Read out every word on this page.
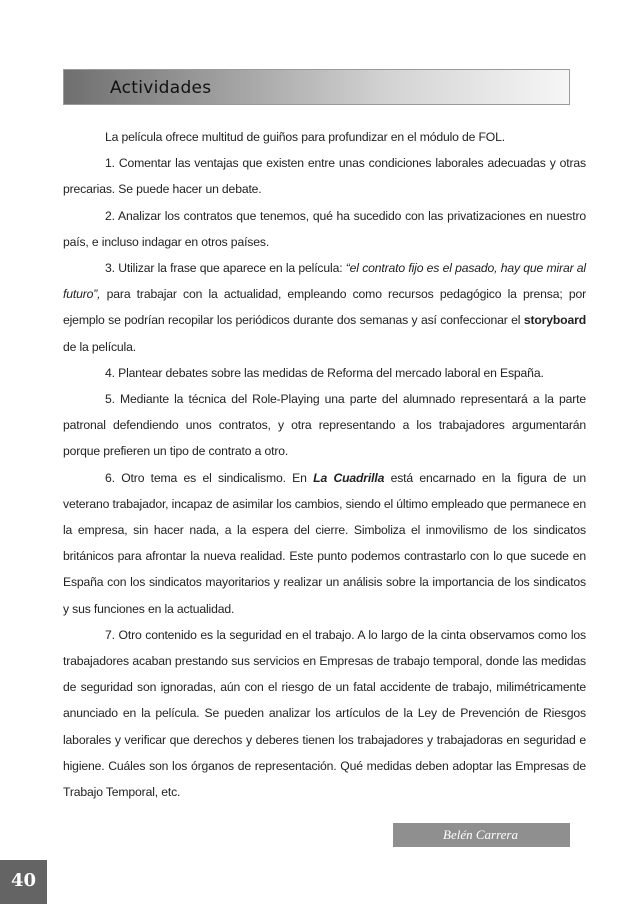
Actividades

La película ofrece multitud de guiños para profundizar en el módulo de FOL.

1. Comentar las ventajas que existen entre unas condiciones laborales adecuadas y otras precarias. Se puede hacer un debate.

2. Analizar los contratos que tenemos, qué ha sucedido con las privatizaciones en nuestro país, e incluso indagar en otros países.

3. Utilizar la frase que aparece en la película: “el contrato fijo es el pasado, hay que mirar al futuro”, para trabajar con la actualidad, empleando como recursos pedagógico la prensa; por ejemplo se podrían recopilar los periódicos durante dos semanas y así confeccionar el storyboard de la película.

4. Plantear debates sobre las medidas de Reforma del mercado laboral en España.

5. Mediante la técnica del Role-Playing una parte del alumnado representará a la parte patronal defendiendo unos contratos, y otra representando a los trabajadores argumentarán porque prefieren un tipo de contrato a otro.

6. Otro tema es el sindicalismo. En La Cuadrilla está encarnado en la figura de un veterano trabajador, incapaz de asimilar los cambios, siendo el último empleado que permanece en la empresa, sin hacer nada, a la espera del cierre. Simboliza el inmovilismo de los sindicatos británicos para afrontar la nueva realidad. Este punto podemos contrastarlo con lo que sucede en España con los sindicatos mayoritarios y realizar un análisis sobre la importancia de los sindicatos y sus funciones en la actualidad.

7. Otro contenido es la seguridad en el trabajo. A lo largo de la cinta observamos como los trabajadores acaban prestando sus servicios en Empresas de trabajo temporal, donde las medidas de seguridad son ignoradas, aún con el riesgo de un fatal accidente de trabajo, milimétricamente anunciado en la película. Se pueden analizar los artículos de la Ley de Prevención de Riesgos laborales y verificar que derechos y deberes tienen los trabajadores y trabajadoras en seguridad e higiene. Cuáles son los órganos de representación. Qué medidas deben adoptar las Empresas de Trabajo Temporal, etc.

Belén Carrera
40
